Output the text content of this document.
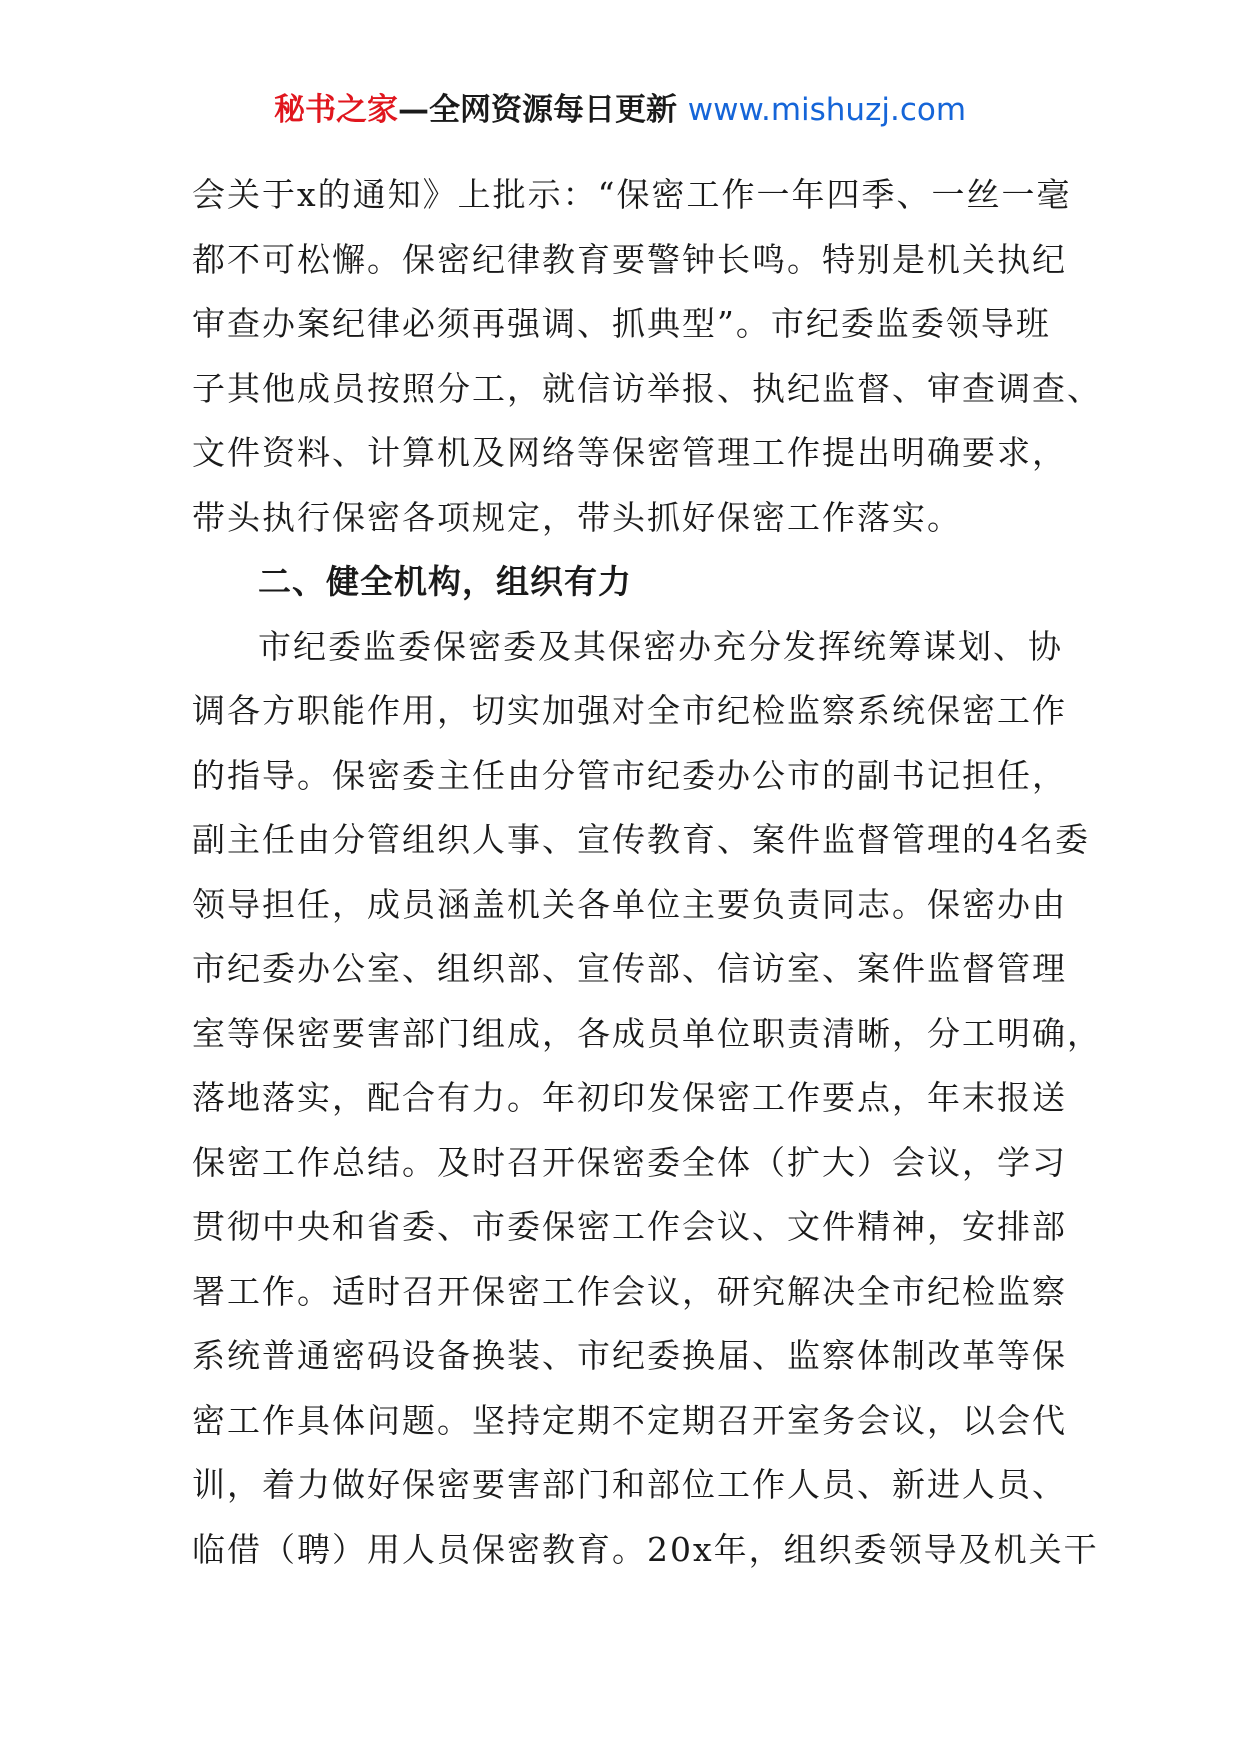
秘书之家—全网资源每日更新 www.mishuzj.com
会关于x的通知》上批示：“保密工作一年四季、一丝一毫
都不可松懈。保密纪律教育要警钟长鸣。特别是机关执纪
审查办案纪律必须再强调、抓典型”。市纪委监委领导班
子其他成员按照分工，就信访举报、执纪监督、审查调查、
文件资料、计算机及网络等保密管理工作提出明确要求，
带头执行保密各项规定，带头抓好保密工作落实。
二、健全机构，组织有力
市纪委监委保密委及其保密办充分发挥统筹谋划、协
调各方职能作用，切实加强对全市纪检监察系统保密工作
的指导。保密委主任由分管市纪委办公市的副书记担任，
副主任由分管组织人事、宣传教育、案件监督管理的4名委
领导担任，成员涵盖机关各单位主要负责同志。保密办由
市纪委办公室、组织部、宣传部、信访室、案件监督管理
室等保密要害部门组成，各成员单位职责清晰，分工明确，
落地落实，配合有力。年初印发保密工作要点，年末报送
保密工作总结。及时召开保密委全体（扩大）会议，学习
贯彻中央和省委、市委保密工作会议、文件精神，安排部
署工作。适时召开保密工作会议，研究解决全市纪检监察
系统普通密码设备换装、市纪委换届、监察体制改革等保
密工作具体问题。坚持定期不定期召开室务会议，以会代
训，着力做好保密要害部门和部位工作人员、新进人员、
临借（聘）用人员保密教育。20x年，组织委领导及机关干
